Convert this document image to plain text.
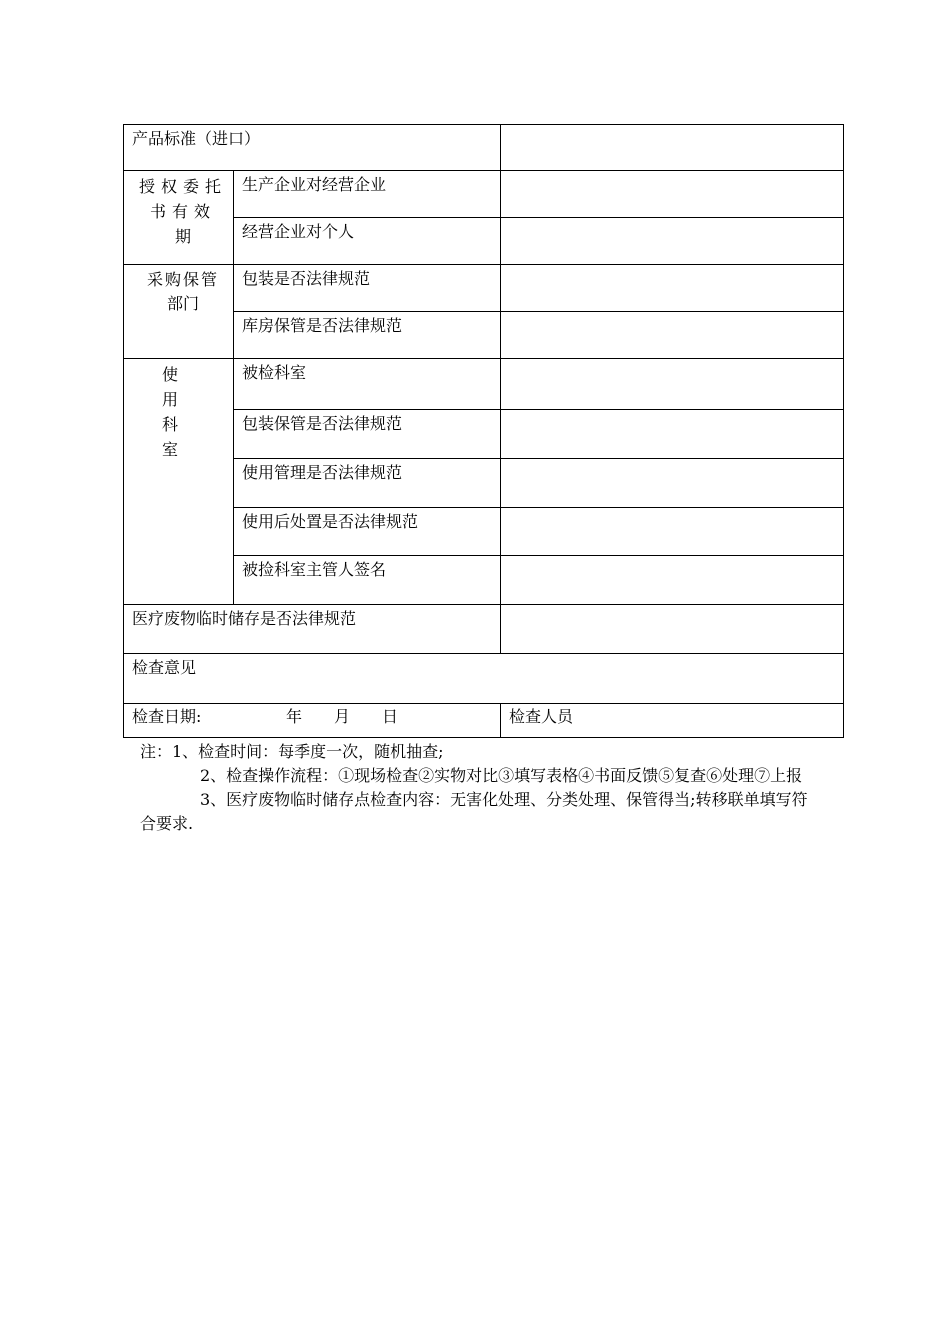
产品标准（进口）
授权委托
书有效
期
生产企业对经营企业
经营企业对个人
采购保管
部门
包装是否法律规范
库房保管是否法律规范
使
用
科
室
被检科室
包装保管是否法律规范
使用管理是否法律规范
使用后处置是否法律规范
被捡科室主管人签名
医疗废物临时储存是否法律规范
检查意见
检查日期:	年 月 日	检查人员

注：1、检查时间：每季度一次，随机抽查;

2、检查操作流程：①现场检查②实物对比③填写表格④书面反馈⑤复查⑥处理⑦上报

3、医疗废物临时储存点检查内容：无害化处理、分类处理、保管得当;转移联单填写符合要求.
